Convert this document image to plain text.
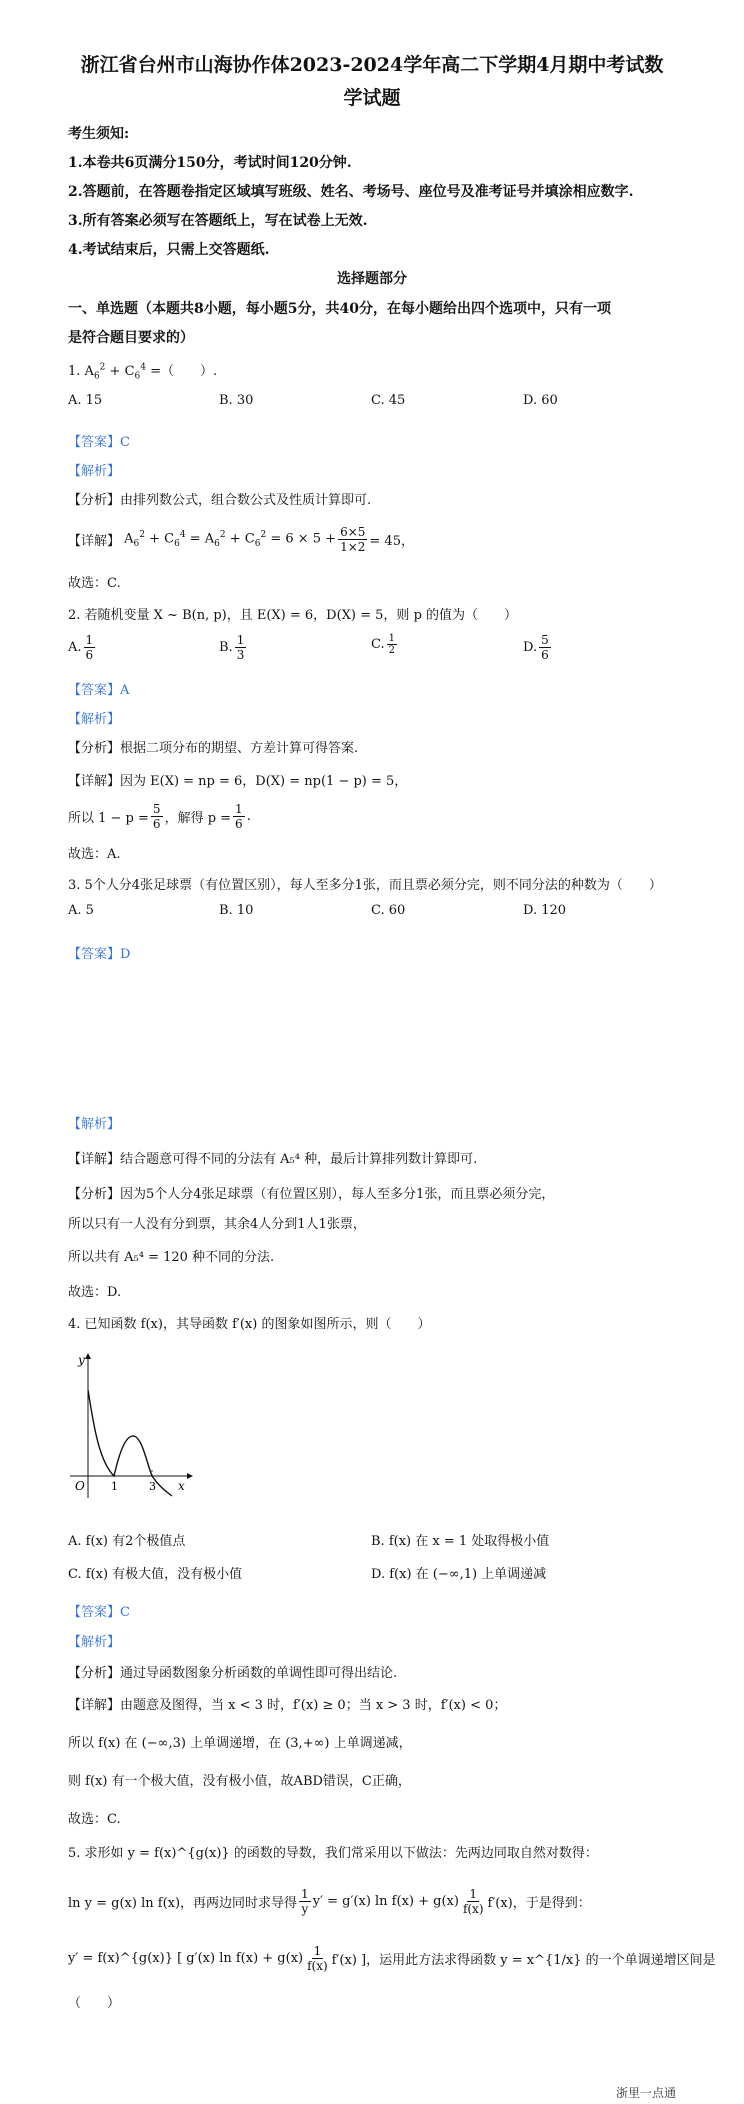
浙江省台州市山海协作体2023-2024学年高二下学期4月期中考试数
学试题
考生须知:
1.本卷共6页满分150分，考试时间120分钟.
2.答题前，在答题卷指定区域填写班级、姓名、考场号、座位号及准考证号并填涂相应数字.
3.所有答案必须写在答题纸上，写在试卷上无效.
4.考试结束后，只需上交答题纸.
选择题部分
一、单选题（本题共8小题，每小题5分，共40分，在每小题给出四个选项中，只有一项
是符合题目要求的）
1. $A_6^2 + C_6^4$ =（　　）.
A. 15	B. 30	C. 45	D. 60
【答案】C
【解析】
【分析】由排列数公式，组合数公式及性质计算即可.
【详解】 $A_6^2 + C_6^4 = A_6^2 + C_6^2 = 6 \times 5 + \frac{6\times 5}{1\times 2} = 45$，
故选：C.
2. 若随机变量 X ~ B(n, p)，且 E(X) = 6，D(X) = 5，则 p 的值为（　　）
A. $\frac{1}{6}$	B. $\frac{1}{3}$	C. $\frac{1}{2}$	D. $\frac{5}{6}$
【答案】A
【解析】
【分析】根据二项分布的期望、方差计算可得答案.
【详解】因为 E(X) = np = 6，D(X) = np(1 − p) = 5，
所以 $1 - p = \frac{5}{6}$ ，解得 $p = \frac{1}{6}$ .
故选：A.
3. 5个人分4张足球票（有位置区别），每人至多分1张，而且票必须分完，则不同分法的种数为（　　）
A. 5	B. 10	C. 60	D. 120
【答案】D
【解析】
【详解】结合题意可得不同的分法有 A₅⁴ 种，最后计算排列数计算即可.
【分析】因为5个人分4张足球票（有位置区别），每人至多分1张，而且票必须分完，
所以只有一人没有分到票，其余4人分到1人1张票，
所以共有 A₅⁴ = 120 种不同的分法.
故选：D.
4. 已知函数 f(x)，其导函数 f′(x) 的图象如图所示，则（　　）
y
O 1	3 x
A. f(x) 有2个极值点	B. f(x) 在 x = 1 处取得极小值
C. f(x) 有极大值，没有极小值	D. f(x) 在 (−∞,1) 上单调递减
【答案】C
【解析】
【分析】通过导函数图象分析函数的单调性即可得出结论.
【详解】由题意及图得，当 x < 3 时，f′(x) ≥ 0；当 x > 3 时，f′(x) < 0；
所以 f(x) 在 (−∞,3) 上单调递增，在 (3,+∞) 上单调递减，
则 f(x) 有一个极大值，没有极小值，故ABD错误，C正确，
故选：C.
5. 求形如 y = f(x)^{g(x)} 的函数的导数，我们常采用以下做法：先两边同取自然对数得：
ln y = g(x) ln f(x)，再两边同时求导得 $\frac{1}{y} y' = g'(x)$ $\ln f(x) + g(x) \frac{1}{f(x)} f'(x)$，于是得到：
y′ = f(x)^{g(x)} [ g′(x) $\ln f(x) + g(x) \frac{1}{f(x)} f'(x)$ ]，运用此方法求得函数 y = x^{1/x} 的一个单调递增区间是
（　　）
浙里一点通
